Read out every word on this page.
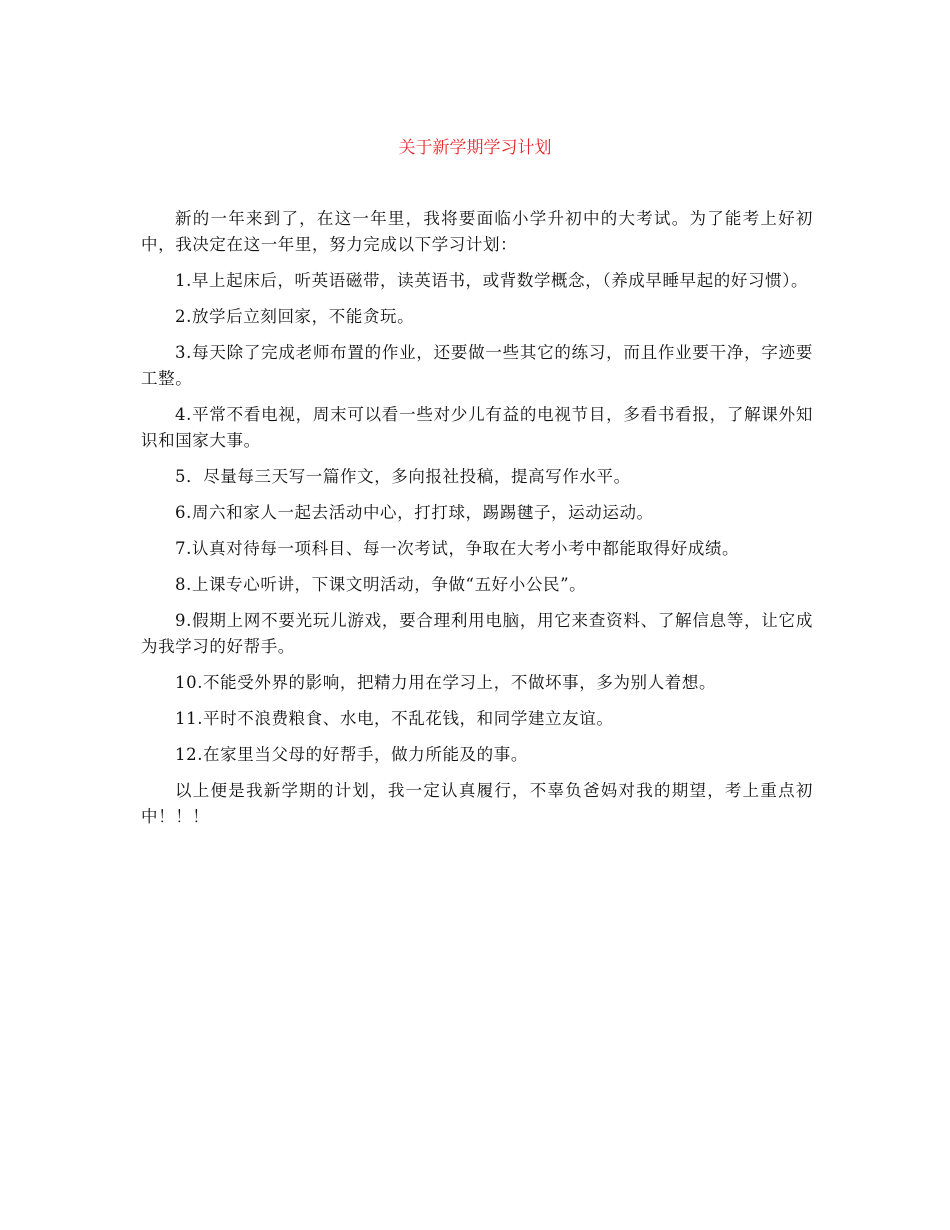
关于新学期学习计划

新的一年来到了，在这一年里，我将要面临小学升初中的大考试。为了能考上好初中，我决定在这一年里，努力完成以下学习计划：

1.早上起床后，听英语磁带，读英语书，或背数学概念，（养成早睡早起的好习惯）。

2.放学后立刻回家，不能贪玩。

3.每天除了完成老师布置的作业，还要做一些其它的练习，而且作业要干净，字迹要工整。

4.平常不看电视，周末可以看一些对少儿有益的电视节目，多看书看报，了解课外知识和国家大事。

5．尽量每三天写一篇作文，多向报社投稿，提高写作水平。

6.周六和家人一起去活动中心，打打球，踢踢毽子，运动运动。

7.认真对待每一项科目、每一次考试，争取在大考小考中都能取得好成绩。

8.上课专心听讲，下课文明活动，争做“五好小公民”。

9.假期上网不要光玩儿游戏，要合理利用电脑，用它来查资料、了解信息等，让它成为我学习的好帮手。

10.不能受外界的影响，把精力用在学习上，不做坏事，多为别人着想。

11.平时不浪费粮食、水电，不乱花钱，和同学建立友谊。

12.在家里当父母的好帮手，做力所能及的事。

以上便是我新学期的计划，我一定认真履行，不辜负爸妈对我的期望，考上重点初中！！！
